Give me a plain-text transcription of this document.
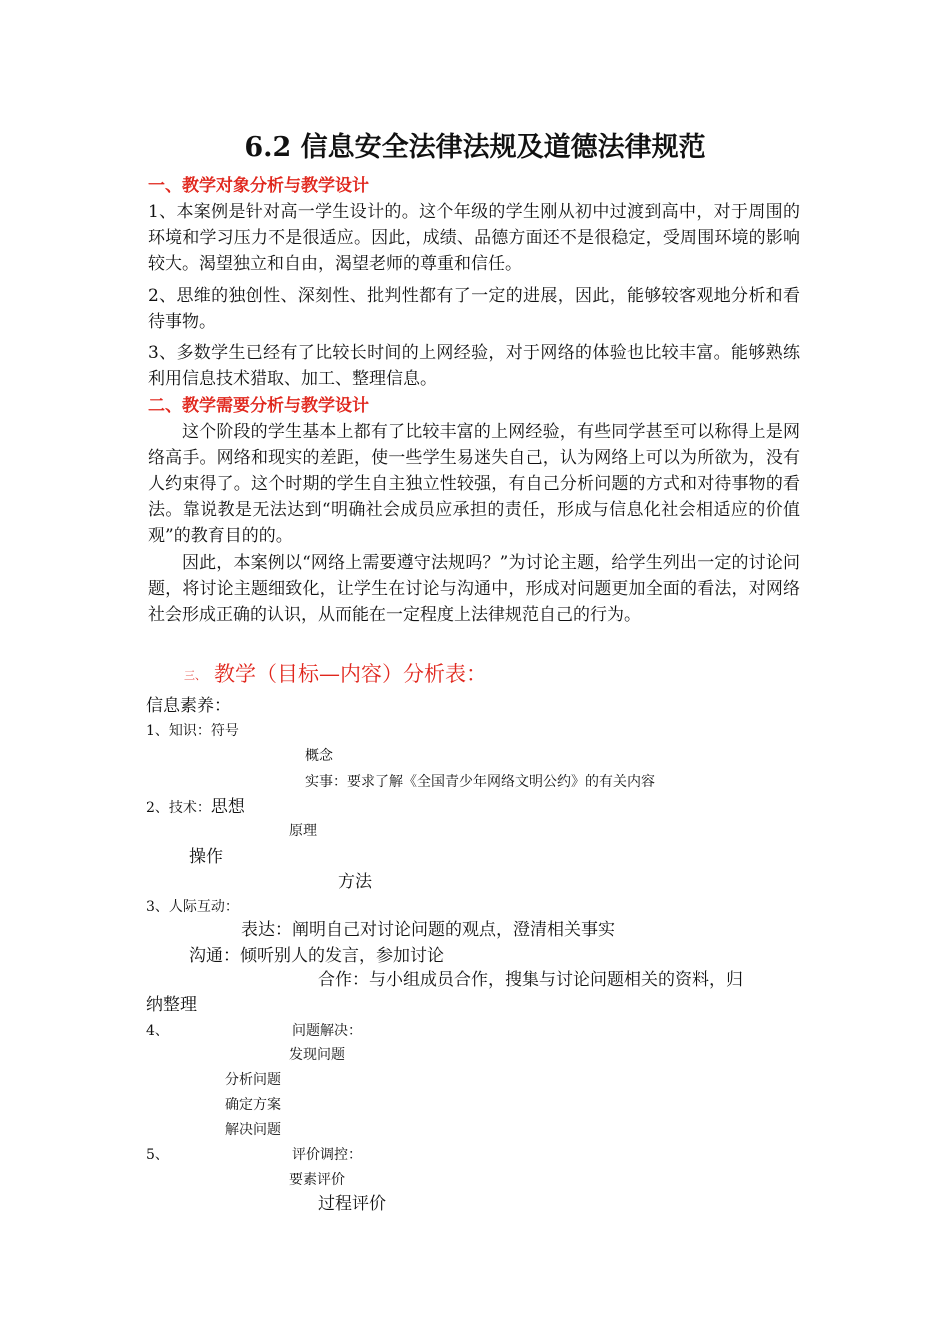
6.2 信息安全法律法规及道德法律规范
一、教学对象分析与教学设计
1、本案例是针对高一学生设计的。这个年级的学生刚从初中过渡到高中，对于周围的环境和学习压力不是很适应。因此，成绩、品德方面还不是很稳定，受周围环境的影响较大。渴望独立和自由，渴望老师的尊重和信任。
2、思维的独创性、深刻性、批判性都有了一定的进展，因此，能够较客观地分析和看待事物。
3、多数学生已经有了比较长时间的上网经验，对于网络的体验也比较丰富。能够熟练利用信息技术猎取、加工、整理信息。
二、教学需要分析与教学设计
这个阶段的学生基本上都有了比较丰富的上网经验，有些同学甚至可以称得上是网络高手。网络和现实的差距，使一些学生易迷失自己，认为网络上可以为所欲为，没有人约束得了。这个时期的学生自主独立性较强，有自己分析问题的方式和对待事物的看法。靠说教是无法达到“明确社会成员应承担的责任，形成与信息化社会相适应的价值观”的教育目的的。
因此，本案例以“网络上需要遵守法规吗？”为讨论主题，给学生列出一定的讨论问题，将讨论主题细致化，让学生在讨论与沟通中，形成对问题更加全面的看法，对网络社会形成正确的认识，从而能在一定程度上法律规范自己的行为。
三、 教学（目标—内容）分析表：
信息素养：
1、知识：符号
概念
实事：要求了解《全国青少年网络文明公约》的有关内容
2、技术：思想
原理
操作
方法
3、人际互动：
表达：阐明自己对讨论问题的观点，澄清相关事实
沟通：倾听别人的发言，参加讨论
合作：与小组成员合作，搜集与讨论问题相关的资料，归
纳整理
4、	问题解决：
发现问题
分析问题
确定方案
解决问题
5、	评价调控：
要素评价
过程评价
